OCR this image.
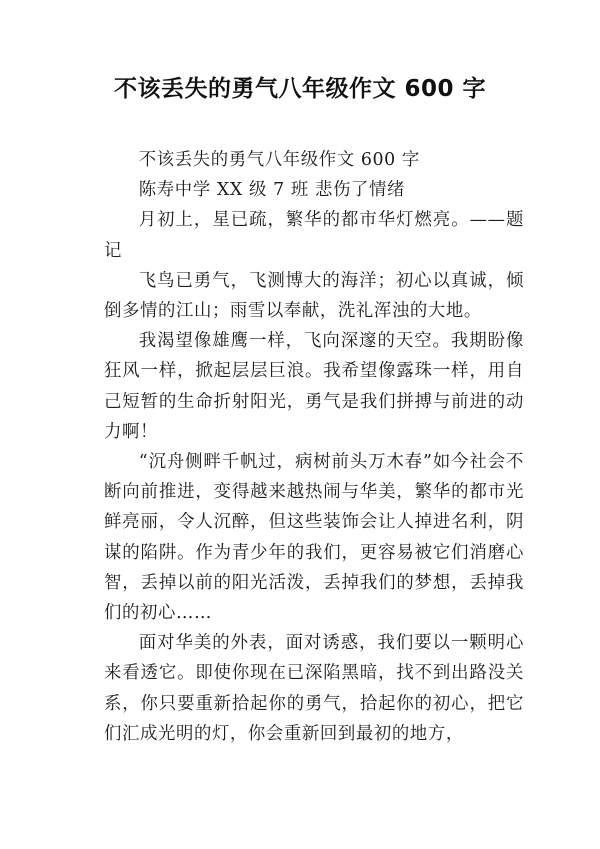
不该丢失的勇气八年级作文 600 字

不该丢失的勇气八年级作文 600 字

陈寿中学 XX 级 7 班 悲伤了情绪

月初上，星已疏，繁华的都市华灯燃亮。——题记

飞鸟已勇气，飞测博大的海洋；初心以真诚，倾倒多情的江山；雨雪以奉献，洗礼浑浊的大地。

我渴望像雄鹰一样，飞向深邃的天空。我期盼像狂风一样，掀起层层巨浪。我希望像露珠一样，用自己短暂的生命折射阳光，勇气是我们拼搏与前进的动力啊！

“沉舟侧畔千帆过，病树前头万木春”如今社会不断向前推进，变得越来越热闹与华美，繁华的都市光鲜亮丽，令人沉醉，但这些装饰会让人掉进名利，阴谋的陷阱。作为青少年的我们，更容易被它们消磨心智，丢掉以前的阳光活泼，丢掉我们的梦想，丢掉我们的初心……

面对华美的外表，面对诱惑，我们要以一颗明心来看透它。即使你现在已深陷黑暗，找不到出路没关系，你只要重新拾起你的勇气，拾起你的初心，把它们汇成光明的灯，你会重新回到最初的地方，
